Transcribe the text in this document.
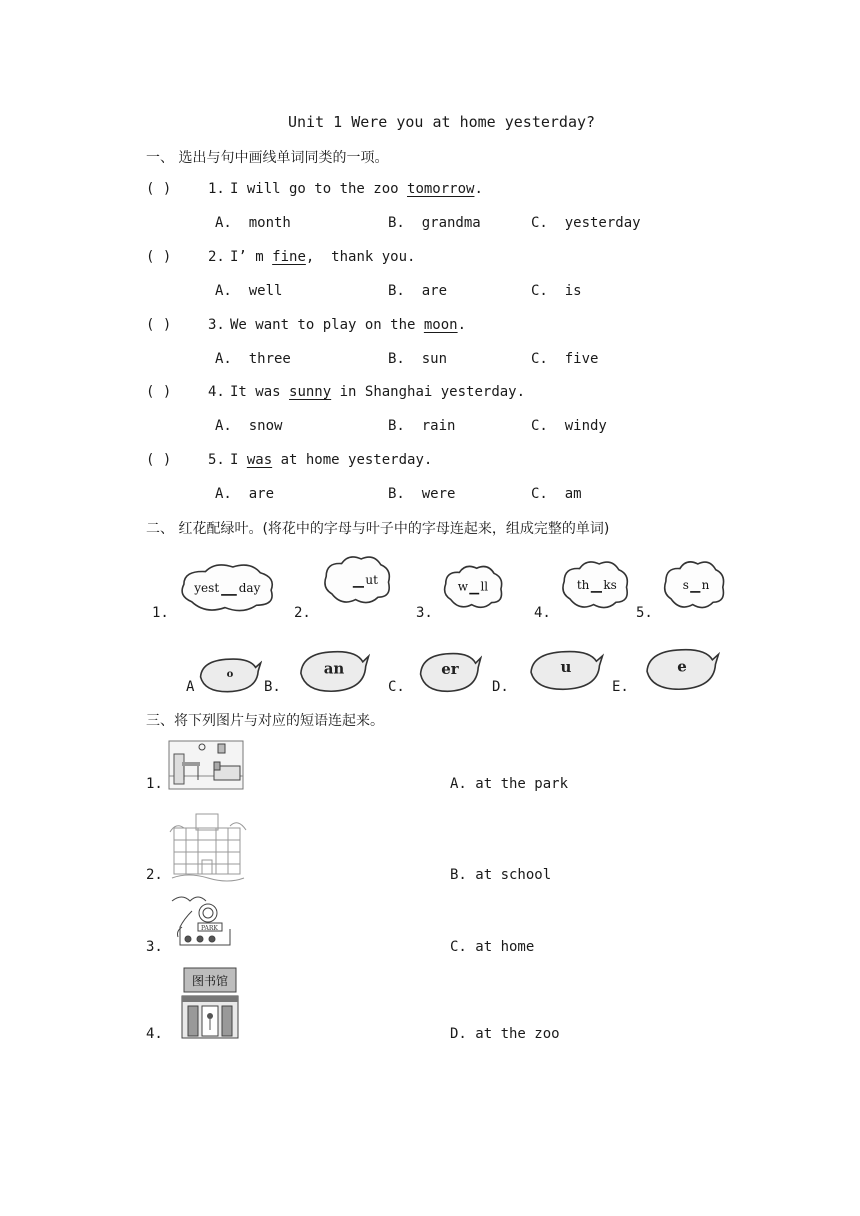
Unit 1 Were you at home yesterday?
一、 选出与句中画线单词同类的一项。
( )	1. I will go to the zoo tomorrow.
A.  month	B.  grandma	C.  yesterday
( )	2. I’ m fine,  thank you.
A.  well	B.  are	C.  is
( )	3. We want to play on the moon.
A.  three	B.  sun	C.  five
( )	4. It was sunny in Shanghai yesterday.
A.  snow	B.  rain	C.  windy
( )	5. I was at home yesterday.
A.  are	B.  were	C.  am
二、 红花配绿叶。(将花中的字母与叶子中的字母连起来，组成完整的单词)
1.
yest day
2.
ut
3.
w ll
4.
th ks
5.
s n
A
o
B.
an
C.
er
D.
u
E.
e
三、将下列图片与对应的短语连起来。
1.	A. at the park
2.	B. at school
3.	C. at home
4.	D. at the zoo
PARK
图书馆
